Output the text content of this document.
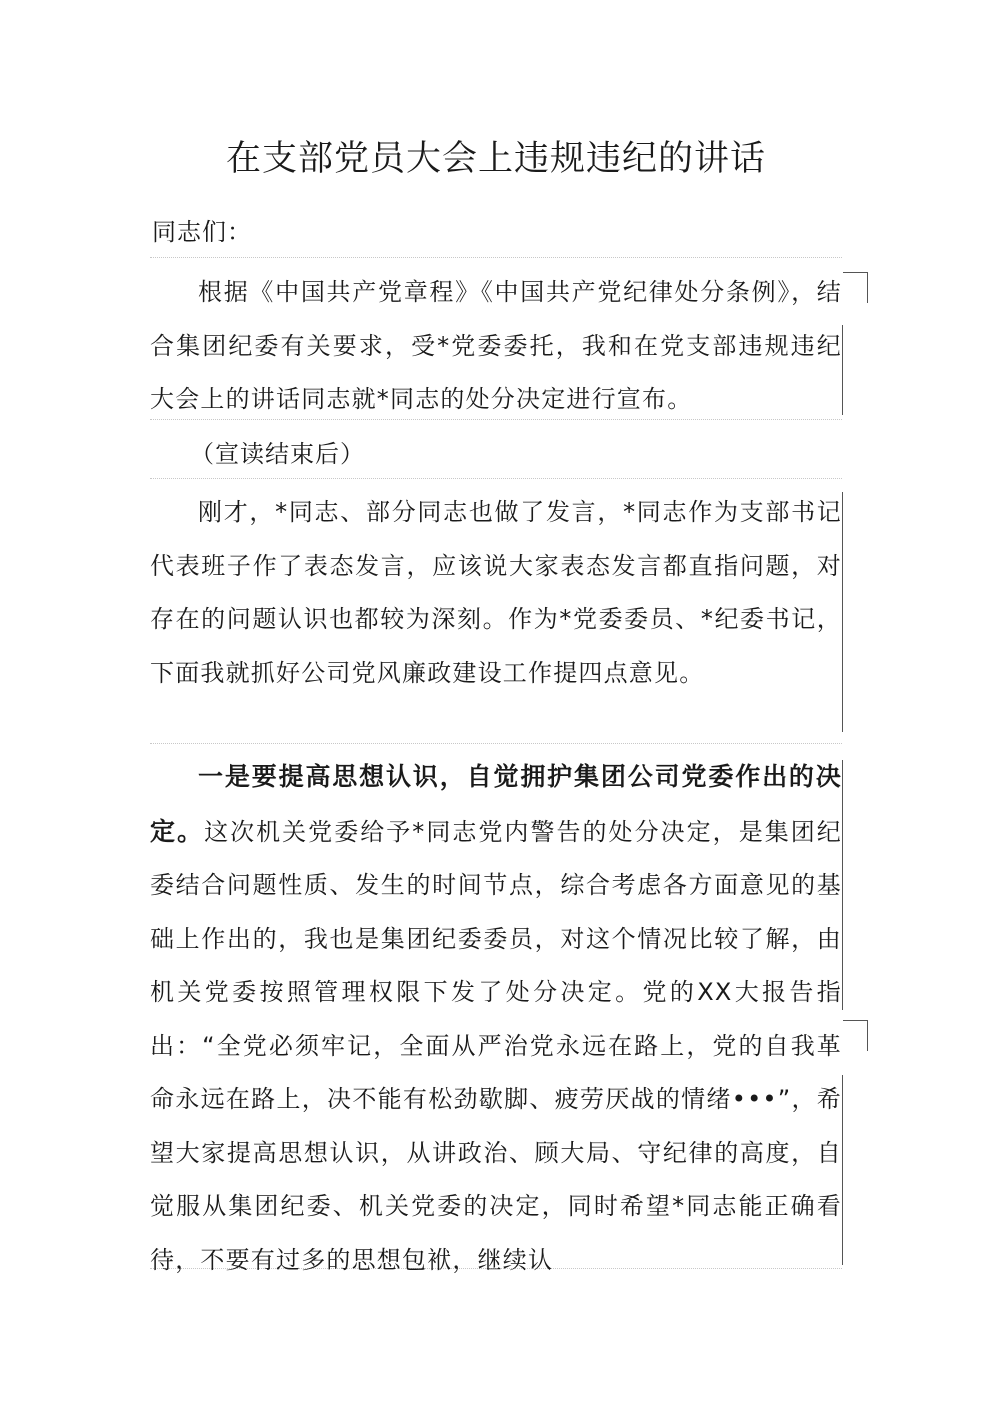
在支部党员大会上违规违纪的讲话
同志们：

根据《中国共产党章程》《中国共产党纪律处分条例》，结合集团纪委有关要求，受*党委委托，我和在党支部违规违纪大会上的讲话同志就*同志的处分决定进行宣布。

（宣读结束后）

刚才，*同志、部分同志也做了发言，*同志作为支部书记代表班子作了表态发言，应该说大家表态发言都直指问题，对存在的问题认识也都较为深刻。作为*党委委员、*纪委书记，下面我就抓好公司党风廉政建设工作提四点意见。

一是要提高思想认识，自觉拥护集团公司党委作出的决定。这次机关党委给予*同志党内警告的处分决定，是集团纪委结合问题性质、发生的时间节点，综合考虑各方面意见的基础上作出的，我也是集团纪委委员，对这个情况比较了解，由机关党委按照管理权限下发了处分决定。党的XX大报告指出：“全党必须牢记，全面从严治党永远在路上，党的自我革命永远在路上，决不能有松劲歇脚、疲劳厌战的情绪•••”，希望大家提高思想认识，从讲政治、顾大局、守纪律的高度，自觉服从集团纪委、机关党委的决定，同时希望*同志能正确看待，不要有过多的思想包袱，继续认
